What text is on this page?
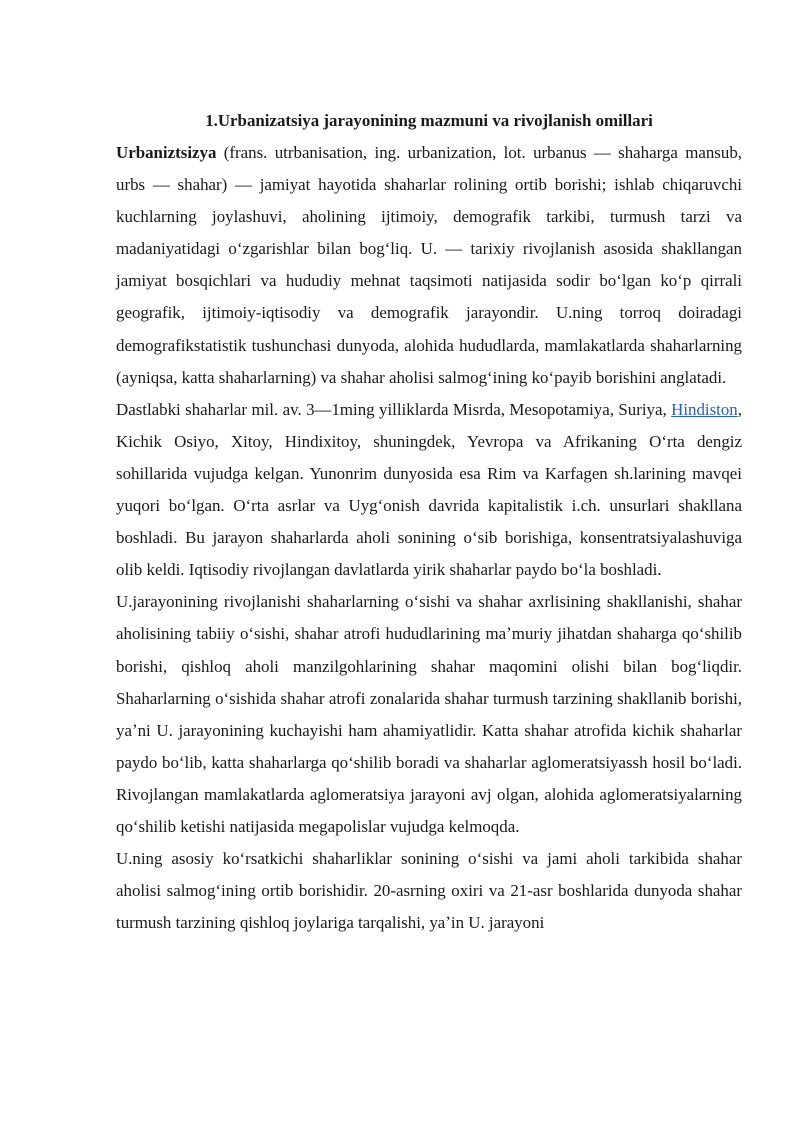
1.Urbanizatsiya jarayonining mazmuni va rivojlanish omillari

Urbaniztsizya (frans. utrbanisation, ing. urbanization, lot. urbanus — shaharga mansub, urbs — shahar) — jamiyat hayotida shaharlar rolining ortib borishi; ishlab chiqaruvchi kuchlarning joylashuvi, aholining ijtimoiy, demografik tarkibi, turmush tarzi va madaniyatidagi oʻzgarishlar bilan bogʻliq. U. — tarixiy rivojlanish asosida shakllangan jamiyat bosqichlari va hududiy mehnat taqsimoti natijasida sodir boʻlgan koʻp qirrali geografik, ijtimoiy-iqtisodiy va demografik jarayondir. U.ning torroq doiradagi demografikstatistik tushunchasi dunyoda, alohida hududlarda, mamlakatlarda shaharlarning (ayniqsa, katta shaharlarning) va shahar aholisi salmogʻining koʻpayib borishini anglatadi.

Dastlabki shaharlar mil. av. 3—1ming yilliklarda Misrda, Mesopotamiya, Suriya, Hindiston, Kichik Osiyo, Xitoy, Hindixitoy, shuningdek, Yevropa va Afrikaning Oʻrta dengiz sohillarida vujudga kelgan. Yunonrim dunyosida esa Rim va Karfagen sh.larining mavqei yuqori boʻlgan. Oʻrta asrlar va Uygʻonish davrida kapitalistik i.ch. unsurlari shakllana boshladi. Bu jarayon shaharlarda aholi sonining oʻsib borishiga, konsentratsiyalashuviga olib keldi. Iqtisodiy rivojlangan davlatlarda yirik shaharlar paydo boʻla boshladi.

U.jarayonining rivojlanishi shaharlarning oʻsishi va shahar axrlisining shakllanishi, shahar aholisining tabiiy oʻsishi, shahar atrofi hududlarining maʼmuriy jihatdan shaharga qoʻshilib borishi, qishloq aholi manzilgohlarining shahar maqomini olishi bilan bogʻliqdir. Shaharlarning oʻsishida shahar atrofi zonalarida shahar turmush tarzining shakllanib borishi, yaʼni U. jarayonining kuchayishi ham ahamiyatlidir. Katta shahar atrofida kichik shaharlar paydo boʻlib, katta shaharlarga qoʻshilib boradi va shaharlar aglomeratsiyassh hosil boʻladi. Rivojlangan mamlakatlarda aglomeratsiya jarayoni avj olgan, alohida aglomeratsiyalarning qoʻshilib ketishi natijasida megapolislar vujudga kelmoqda.

U.ning asosiy koʻrsatkichi shaharliklar sonining oʻsishi va jami aholi tarkibida shahar aholisi salmogʻining ortib borishidir. 20-asrning oxiri va 21-asr boshlarida dunyoda shahar turmush tarzining qishloq joylariga tarqalishi, yaʼin U. jarayoni
